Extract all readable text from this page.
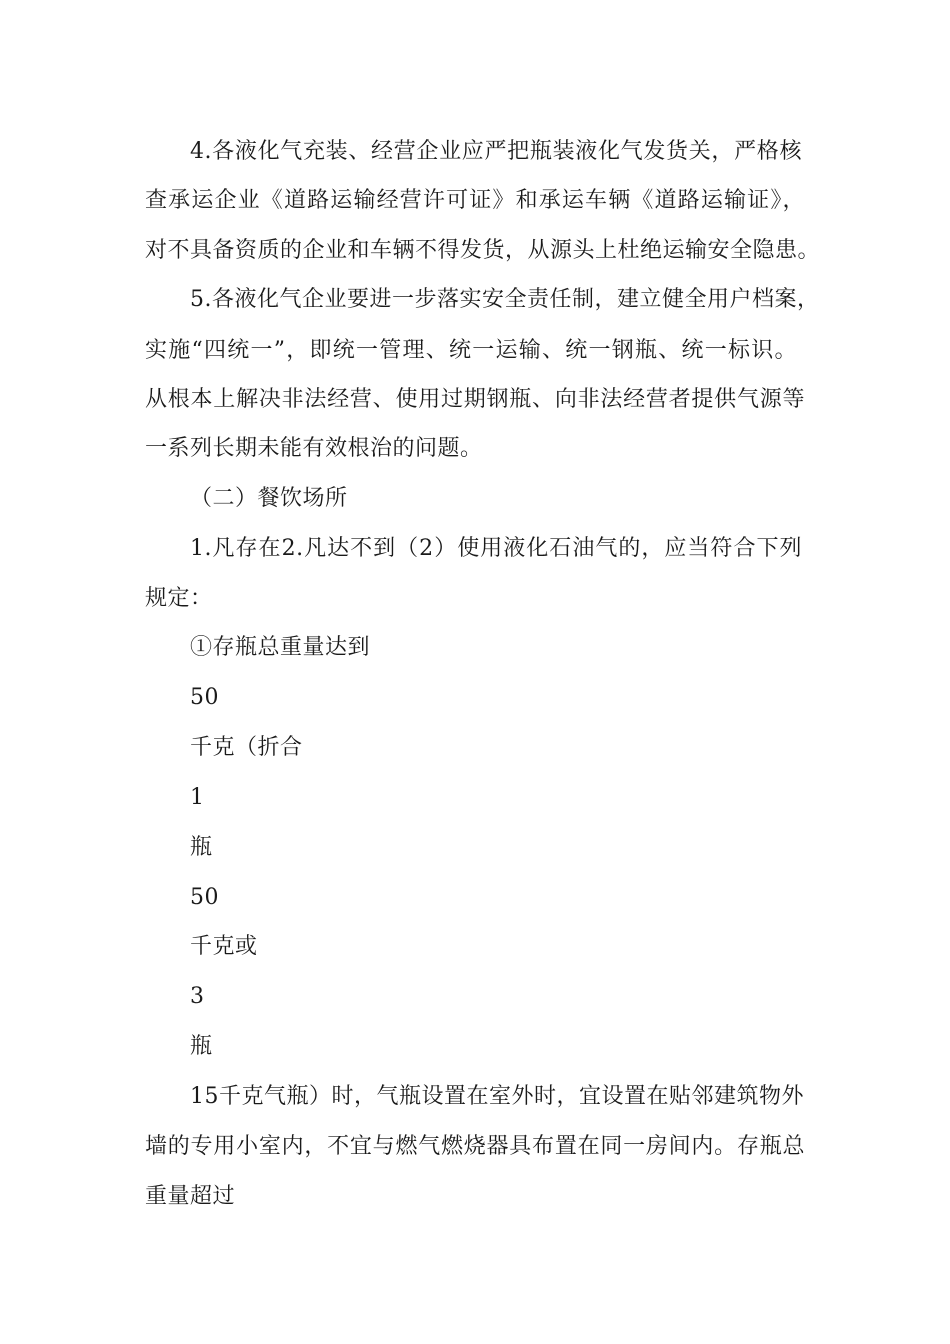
4.各液化气充装、经营企业应严把瓶装液化气发货关，严格核
查承运企业《道路运输经营许可证》和承运车辆《道路运输证》，
对不具备资质的企业和车辆不得发货，从源头上杜绝运输安全隐患。
5.各液化气企业要进一步落实安全责任制，建立健全用户档案，
实施“四统一”，即统一管理、统一运输、统一钢瓶、统一标识。
从根本上解决非法经营、使用过期钢瓶、向非法经营者提供气源等
一系列长期未能有效根治的问题。
（二）餐饮场所
1.凡存在2.凡达不到（2）使用液化石油气的，应当符合下列
规定：
①存瓶总重量达到
50
千克（折合
1
瓶
50
千克或
3
瓶
15千克气瓶）时，气瓶设置在室外时，宜设置在贴邻建筑物外
墙的专用小室内，不宜与燃气燃烧器具布置在同一房间内。存瓶总
重量超过
